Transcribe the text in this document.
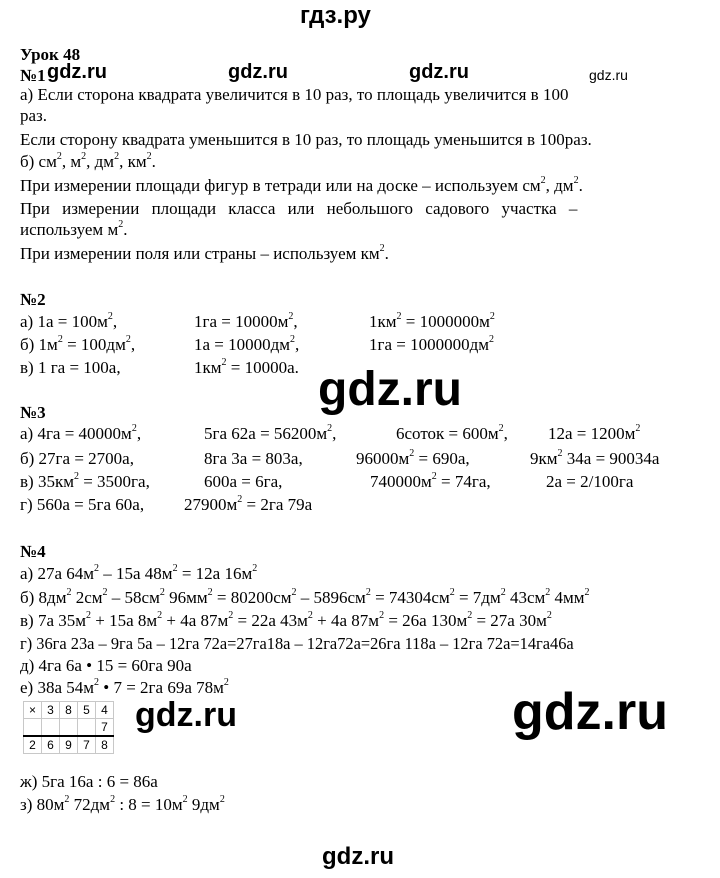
гдз.ру
Урок 48
№1 gdz.ru	gdz.ru	gdz.ru	gdz.ru
а) Если сторона квадрата увеличится в 10 раз, то площадь увеличится в 100
раз.
Если сторону квадрата уменьшится в 10 раз, то площадь уменьшится в 100раз.
б) $см^2$, $м^2$, $дм^2$, $км^2$.
При измерении площади фигур в тетради или на доске – используем $см^2$, $дм^2$.
При измерении площади класса или небольшого садового участка –
используем $м^2$.
При измерении поля или страны – используем $км^2$.
№2
а) $1а = 100м^2$,	$1га = 10000м^2$,	$1км^2 = 1000000м^2$
б) $1м^2 = 100дм^2$,	$1а = 10000дм^2$,	$1га = 1000000дм^2$
в) 1 га = 100а,	$1км^2 = 10000а$. gdz.ru
№3
а) $4га = 40000м^2$,	5га $62а = 56200м^2$,	6соток = $600м^2$, $12а = 1200м^2$
б) 27га = 2700а,	8га 3а = 803а,	$96000м^2 = 690а$,	$9км^2$ 34а = 90034а
в) $35км^2 = 3500га$,	600а = 6га,	$740000м^2 = 74га$,	2а = 2/100га
г) 560а = 5га 60а, $27900м^2 = 2га$ 79а
№4
а) 27а $64м^2 - 15а$ $48м^2 = 12а$ $16м^2$
б) $8дм^2$ $2см^2 - 58см^2$ $96мм^2 = 80200см^2 - 5896см^2 = 74304см^2 = 7дм^2$ $43см^2$ $4мм^2$
в) 7а $35м^2 + 15а$ $8м^2 + 4а$ $87м^2 = 22а$ $43м^2 + 4а$ $87м^2 = 26а$ $130м^2 = 27а$ $30м^2$
г) 36га 23а – 9га 5а – 12га 72а=27га18а – 12га72а=26га 118а – 12га 72а=14га46а
д) 4га 6а • 15 = 60га 90а
е) 38а $54м^2$ • 7 = 2га 69а $78м^2$
×	3	8	5	4
				7
2	6	9	7	8
gdz.ru	gdz.ru
ж) 5га 16а : 6 = 86а
з) $80м^2$ $72дм^2$ : $8 = 10м^2$ $9дм^2$
gdz.ru
